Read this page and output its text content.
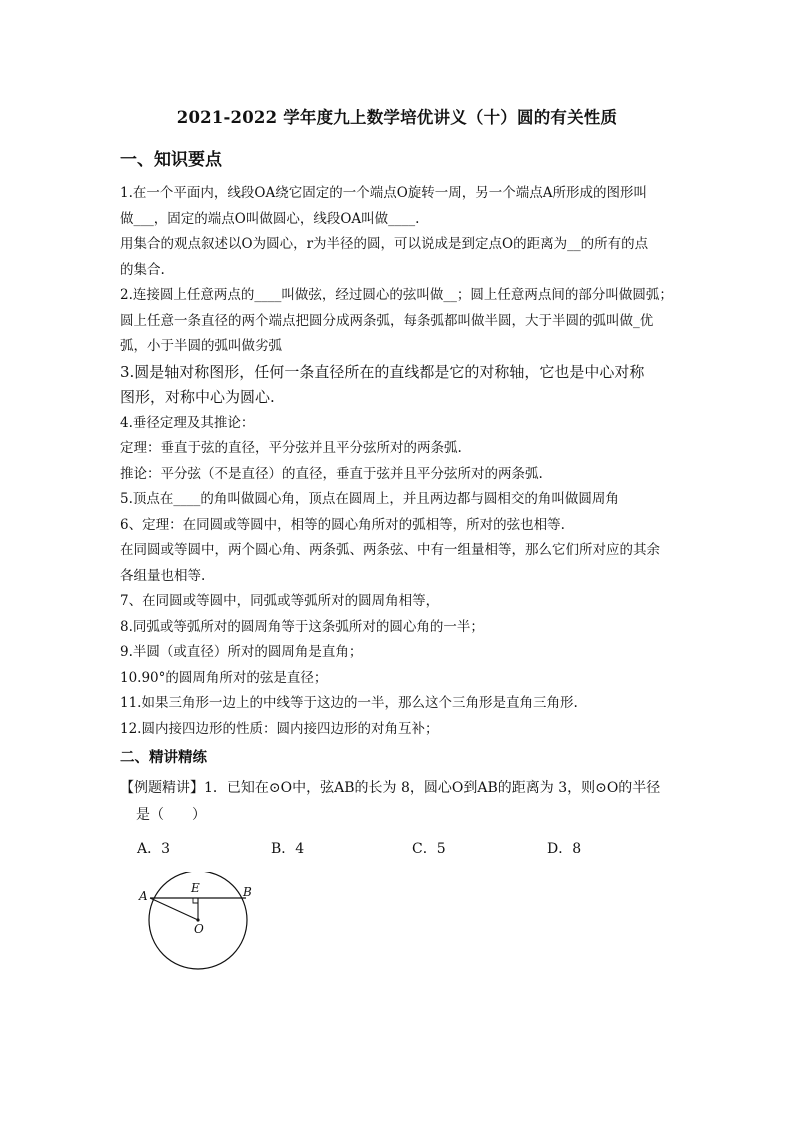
2021-2022 学年度九上数学培优讲义（十）圆的有关性质
一、知识要点
1.在一个平面内，线段OA绕它固定的一个端点O旋转一周，另一个端点A所形成的图形叫
做___，固定的端点O叫做圆心，线段OA叫做____.
用集合的观点叙述以O为圆心，r为半径的圆，可以说成是到定点O的距离为__的所有的点
的集合.
2.连接圆上任意两点的____叫做弦，经过圆心的弦叫做__；圆上任意两点间的部分叫做圆弧；
圆上任意一条直径的两个端点把圆分成两条弧，每条弧都叫做半圆，大于半圆的弧叫做_优
弧，小于半圆的弧叫做劣弧
3.圆是轴对称图形，任何一条直径所在的直线都是它的对称轴，它也是中心对称
图形，对称中心为圆心.
4.垂径定理及其推论：
定理：垂直于弦的直径，平分弦并且平分弦所对的两条弧.
推论：平分弦（不是直径）的直径，垂直于弦并且平分弦所对的两条弧.
5.顶点在____的角叫做圆心角，顶点在圆周上，并且两边都与圆相交的角叫做圆周角
6、定理：在同圆或等圆中，相等的圆心角所对的弧相等，所对的弦也相等.
在同圆或等圆中，两个圆心角、两条弧、两条弦、中有一组量相等，那么它们所对应的其余
各组量也相等.
7、在同圆或等圆中，同弧或等弧所对的圆周角相等，
8.同弧或等弧所对的圆周角等于这条弧所对的圆心角的一半；
9.半圆（或直径）所对的圆周角是直角；
10.90°的圆周角所对的弦是直径；
11.如果三角形一边上的中线等于这边的一半，那么这个三角形是直角三角形.
12.圆内接四边形的性质：圆内接四边形的对角互补；
二、精讲精练
【例题精讲】1．已知在⊙O中，弦AB的长为 8，圆心O到AB的距离为 3，则⊙O的半径
是（　　）
A．3	B．4	C．5	D．8
A	B
E
O
